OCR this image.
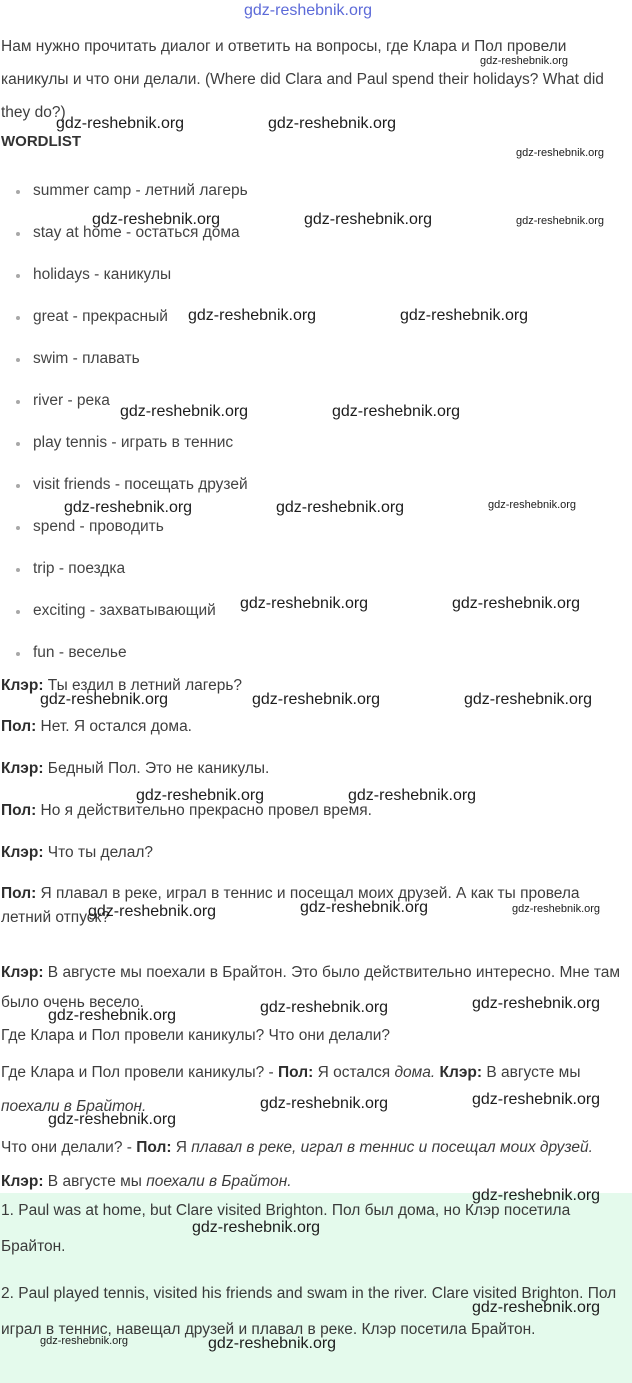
gdz-reshebnik.org
Нам нужно прочитать диалог и ответить на вопросы, где Клара и Пол провели каникулы и что они делали. (Where did Clara and Paul spend their holidays? What did they do?)
WORDLIST
summer camp - летний лагерь
stay at home - остаться дома
holidays - каникулы
great - прекрасный
swim - плавать
river - река
play tennis - играть в теннис
visit friends - посещать друзей
spend - проводить
trip - поездка
exciting - захватывающий
fun - веселье
Клэр: Ты ездил в летний лагерь?
Пол: Нет. Я остался дома.
Клэр: Бедный Пол. Это не каникулы.
Пол: Но я действительно прекрасно провел время.
Клэр: Что ты делал?
Пол: Я плавал в реке, играл в теннис и посещал моих друзей. А как ты провела летний отпуск?
Клэр: В августе мы поехали в Брайтон. Это было действительно интересно. Мне там было очень весело.
Где Клара и Пол провели каникулы? Что они делали?
Где Клара и Пол провели каникулы? - Пол: Я остался дома. Клэр: В августе мы поехали в Брайтон.
Что они делали? - Пол: Я плавал в реке, играл в теннис и посещал моих друзей. Клэр: В августе мы поехали в Брайтон.
1. Paul was at home, but Clare visited Brighton. Пол был дома, но Клэр посетила Брайтон.
2. Paul played tennis, visited his friends and swam in the river. Clare visited Brighton. Пол играл в теннис, навещал друзей и плавал в реке. Клэр посетила Брайтон.
gdz-reshebnik.org
gdz-reshebnik.org	gdz-reshebnik.org
gdz-reshebnik.org
gdz-reshebnik.org	gdz-reshebnik.org	gdz-reshebnik.org
gdz-reshebnik.org	gdz-reshebnik.org
gdz-reshebnik.org	gdz-reshebnik.org
gdz-reshebnik.org	gdz-reshebnik.org	gdz-reshebnik.org
gdz-reshebnik.org	gdz-reshebnik.org
gdz-reshebnik.org	gdz-reshebnik.org	gdz-reshebnik.org
gdz-reshebnik.org	gdz-reshebnik.org
gdz-reshebnik.org	gdz-reshebnik.org	gdz-reshebnik.org
gdz-reshebnik.org	gdz-reshebnik.org	gdz-reshebnik.org
gdz-reshebnik.org
gdz-reshebnik.org	gdz-reshebnik.org
gdz-reshebnik.org
gdz-reshebnik.org
gdz-reshebnik.org
gdz-reshebnik.org	gdz-reshebnik.org
